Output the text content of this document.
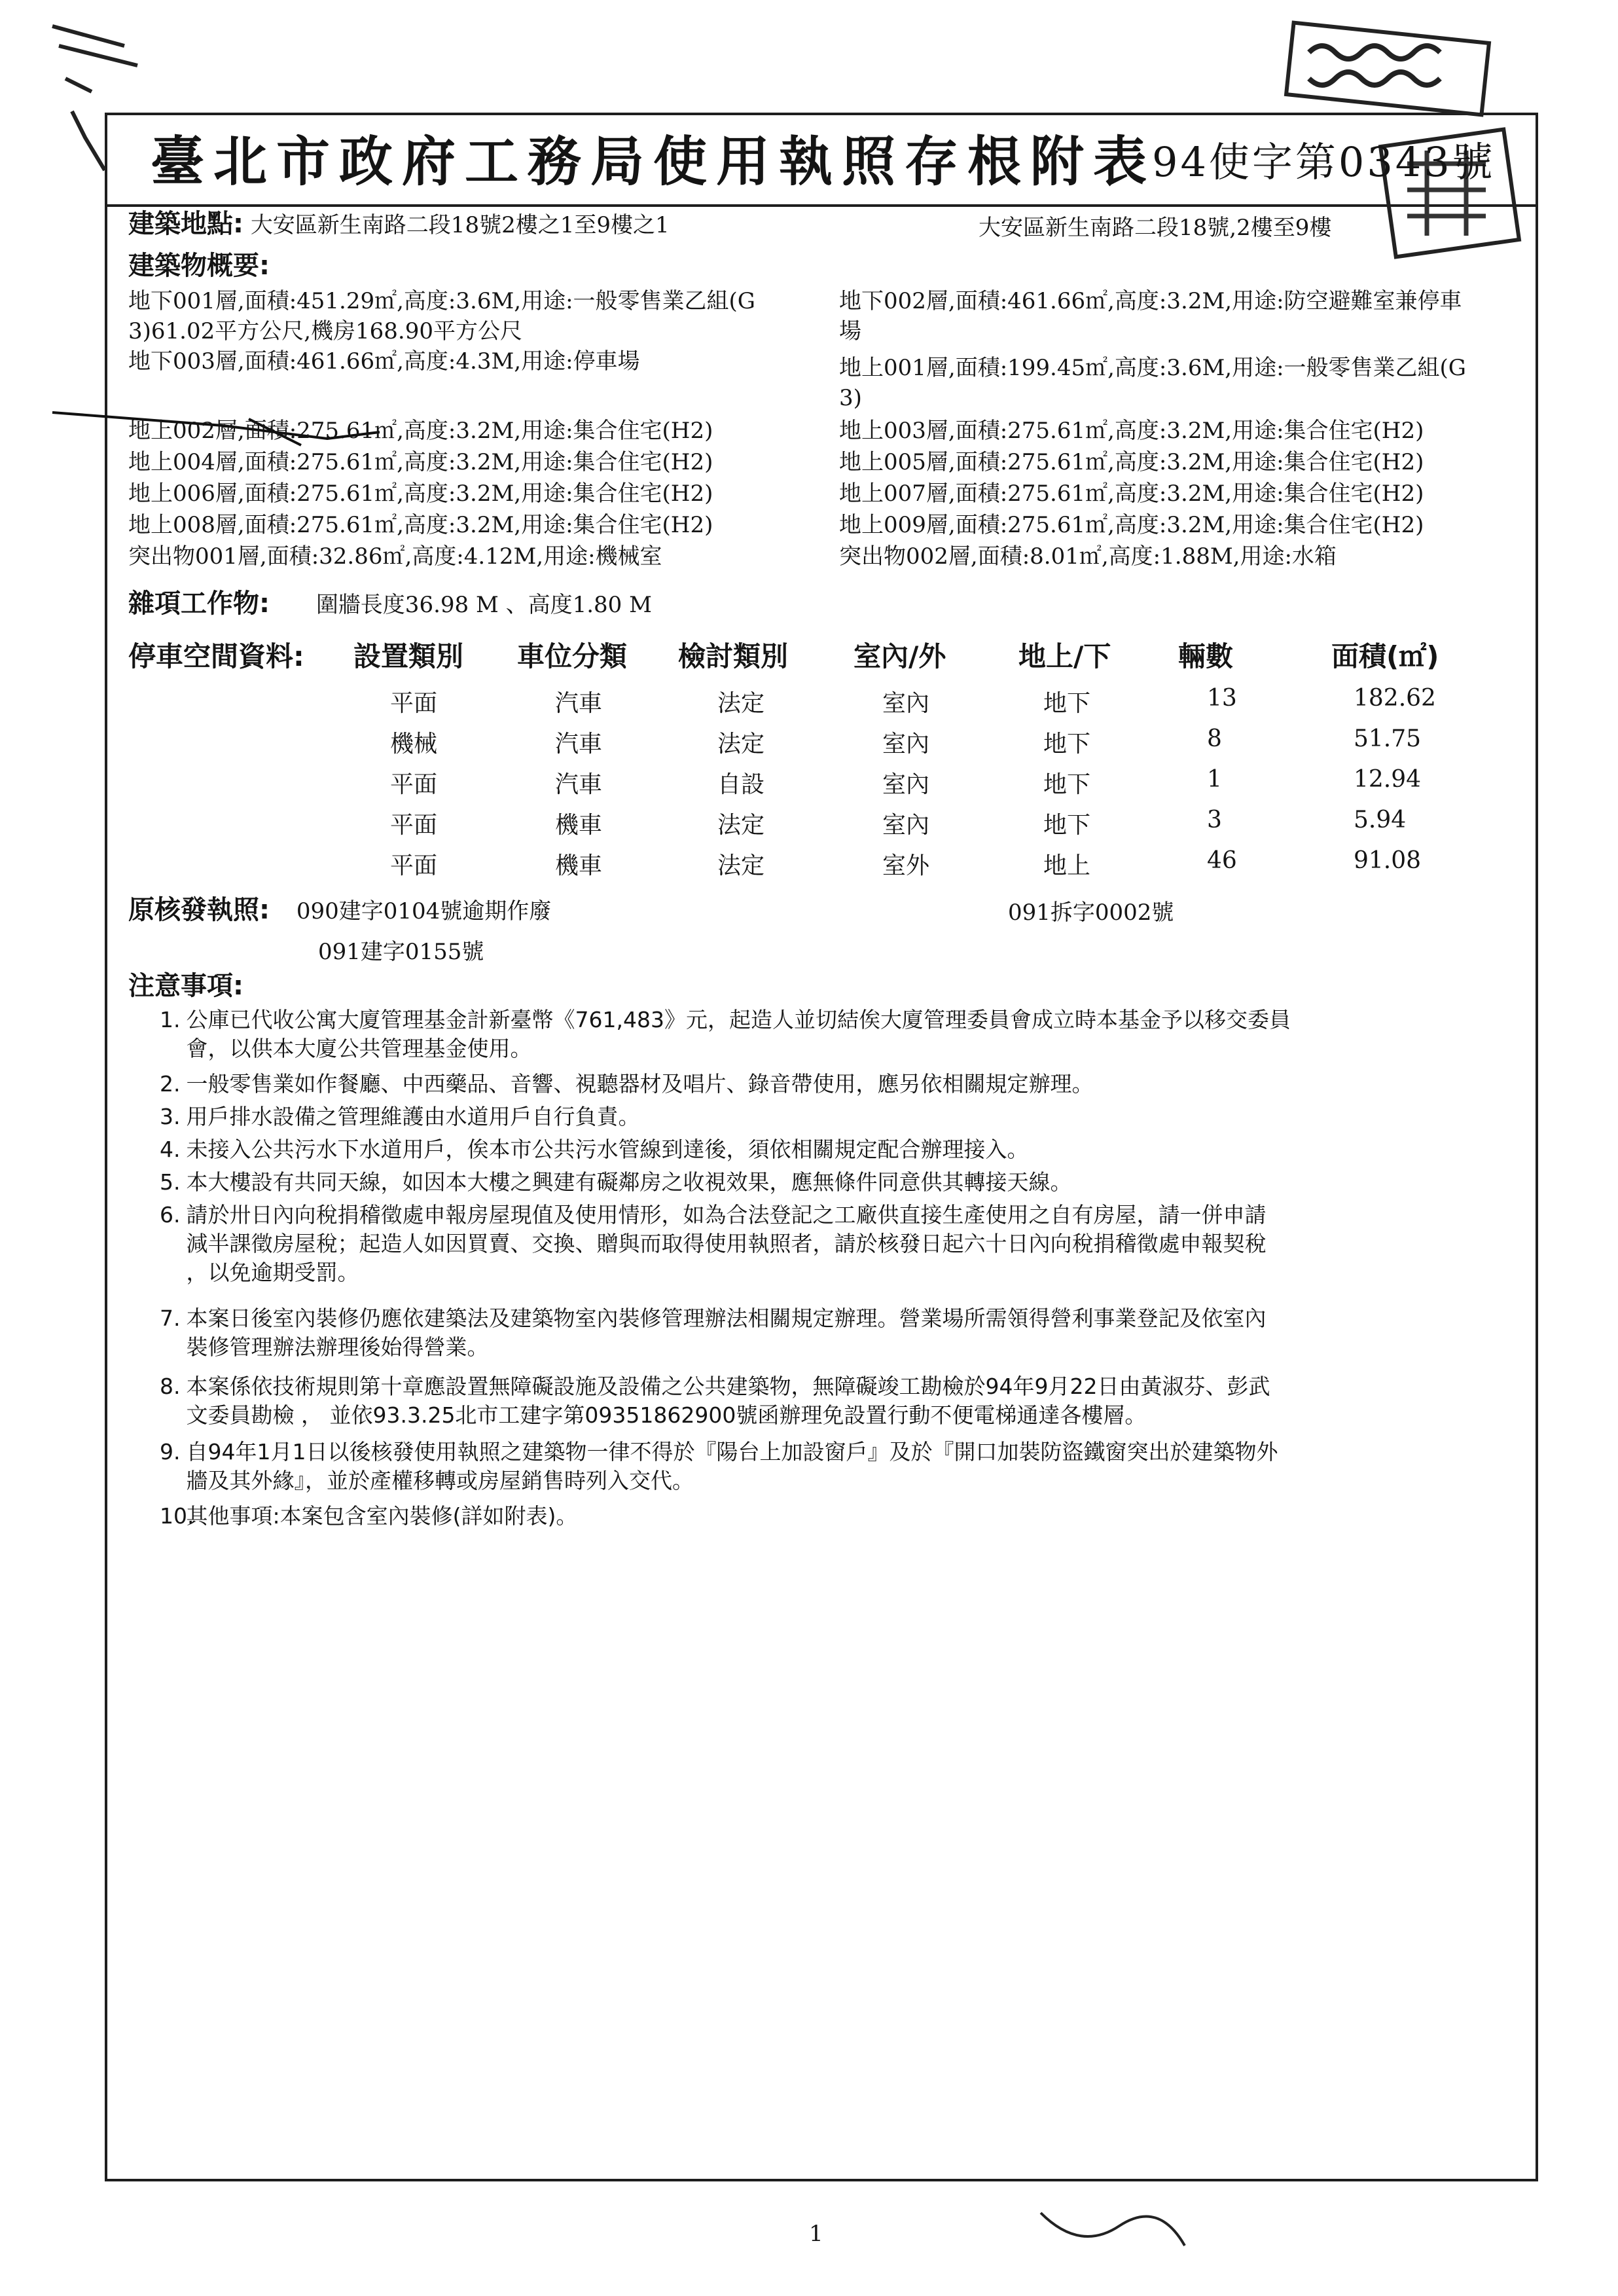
臺北市政府工務局使用執照存根附表
94使字第0343號
建築地點: 大安區新生南路二段18號2樓之1至9樓之1	大安區新生南路二段18號,2樓至9樓
建築物概要:
地下001層,面積:451.29㎡,高度:3.6M,用途:一般零售業乙組(G
3)61.02平方公尺,機房168.90平方公尺
地下003層,面積:461.66㎡,高度:4.3M,用途:停車場
地上002層,面積:275.61㎡,高度:3.2M,用途:集合住宅(H2)
地上004層,面積:275.61㎡,高度:3.2M,用途:集合住宅(H2)
地上006層,面積:275.61㎡,高度:3.2M,用途:集合住宅(H2)
地上008層,面積:275.61㎡,高度:3.2M,用途:集合住宅(H2)
突出物001層,面積:32.86㎡,高度:4.12M,用途:機械室
地下002層,面積:461.66㎡,高度:3.2M,用途:防空避難室兼停車
場
地上001層,面積:199.45㎡,高度:3.6M,用途:一般零售業乙組(G
3)
地上003層,面積:275.61㎡,高度:3.2M,用途:集合住宅(H2)
地上005層,面積:275.61㎡,高度:3.2M,用途:集合住宅(H2)
地上007層,面積:275.61㎡,高度:3.2M,用途:集合住宅(H2)
地上009層,面積:275.61㎡,高度:3.2M,用途:集合住宅(H2)
突出物002層,面積:8.01㎡,高度:1.88M,用途:水箱
雜項工作物: 圍牆長度36.98 M 、高度1.80 M
停車空間資料: 設置類別 車位分類 檢討類別 室內/外	地上/下 輛數	面積(㎡)
平面	汽車	法定	室內	地下	13	182.62
機械	汽車	法定	室內	地下	8	51.75
平面	汽車	自設	室內	地下	1	12.94
平面	機車	法定	室內	地下	3	5.94
平面	機車	法定	室外	地上	46	91.08
原核發執照: 090建字0104號逾期作廢	091拆字0002號
091建字0155號
注意事項:
1. 公庫已代收公寓大廈管理基金計新臺幣《761,483》元，起造人並切結俟大廈管理委員會成立時本基金予以移交委員
會，以供本大廈公共管理基金使用。
2. 一般零售業如作餐廳、中西藥品、音響、視聽器材及唱片、錄音帶使用，應另依相關規定辦理。
3. 用戶排水設備之管理維護由水道用戶自行負責。
4. 未接入公共污水下水道用戶，俟本市公共污水管線到達後，須依相關規定配合辦理接入。
5. 本大樓設有共同天線，如因本大樓之興建有礙鄰房之收視效果，應無條件同意供其轉接天線。
6. 請於卅日內向稅捐稽徵處申報房屋現值及使用情形，如為合法登記之工廠供直接生產使用之自有房屋，請一併申請
減半課徵房屋稅；起造人如因買賣、交換、贈與而取得使用執照者，請於核發日起六十日內向稅捐稽徵處申報契稅
，以免逾期受罰。
7. 本案日後室內裝修仍應依建築法及建築物室內裝修管理辦法相關規定辦理。營業場所需領得營利事業登記及依室內
裝修管理辦法辦理後始得營業。
8. 本案係依技術規則第十章應設置無障礙設施及設備之公共建築物，無障礙竣工勘檢於94年9月22日由黃淑芬、彭武
文委員勘檢 ， 並依93.3.25北市工建字第09351862900號函辦理免設置行動不便電梯通達各樓層。
9. 自94年1月1日以後核發使用執照之建築物一律不得於『陽台上加設窗戶』及於『開口加裝防盜鐵窗突出於建築物外
牆及其外緣』，並於產權移轉或房屋銷售時列入交代。
10. 其他事項:本案包含室內裝修(詳如附表)。
1
